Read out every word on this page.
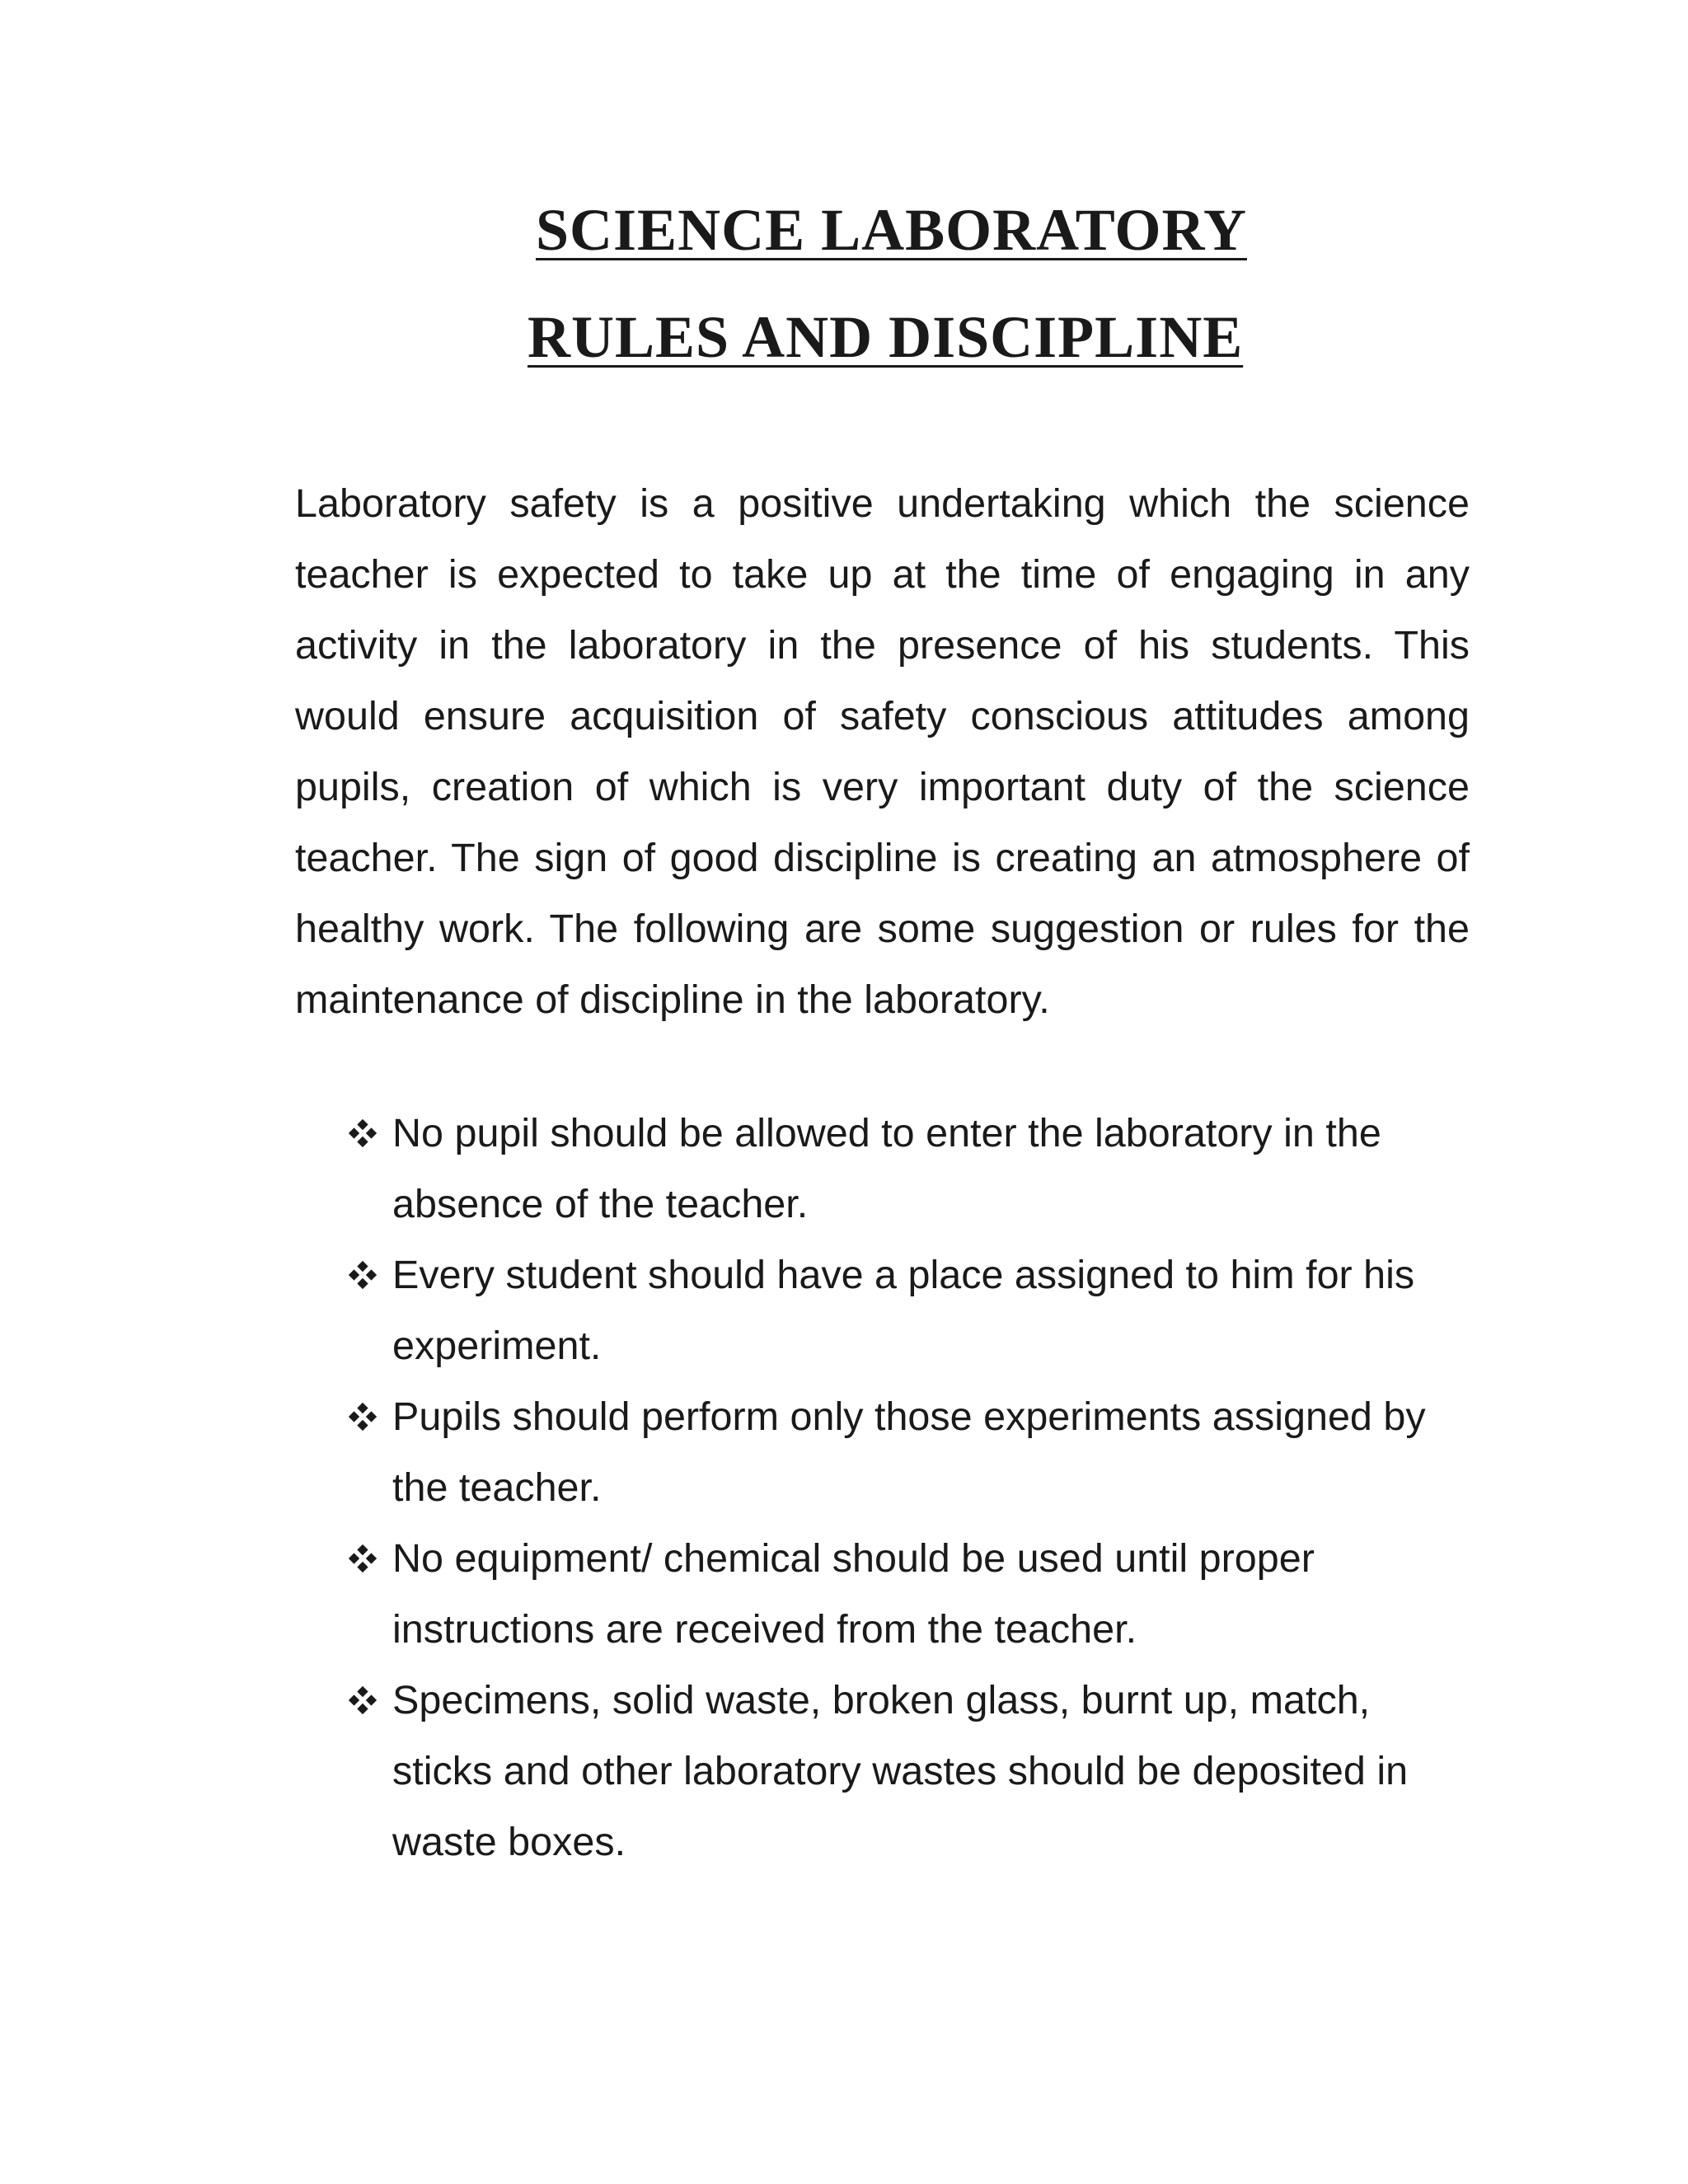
SCIENCE LABORATORY
RULES AND DISCIPLINE

Laboratory safety is a positive undertaking which the science teacher is expected to take up at the time of engaging in any activity in the laboratory in the presence of his students. This would ensure acquisition of safety conscious attitudes among pupils, creation of which is very important duty of the science teacher. The sign of good discipline is creating an atmosphere of healthy work. The following are some suggestion or rules for the maintenance of discipline in the laboratory.

No pupil should be allowed to enter the laboratory in the absence of the teacher.
Every student should have a place assigned to him for his experiment.
Pupils should perform only those experiments assigned by the teacher.
No equipment/ chemical should be used until proper instructions are received from the teacher.
Specimens, solid waste, broken glass, burnt up, match, sticks and other laboratory wastes should be deposited in waste boxes.
